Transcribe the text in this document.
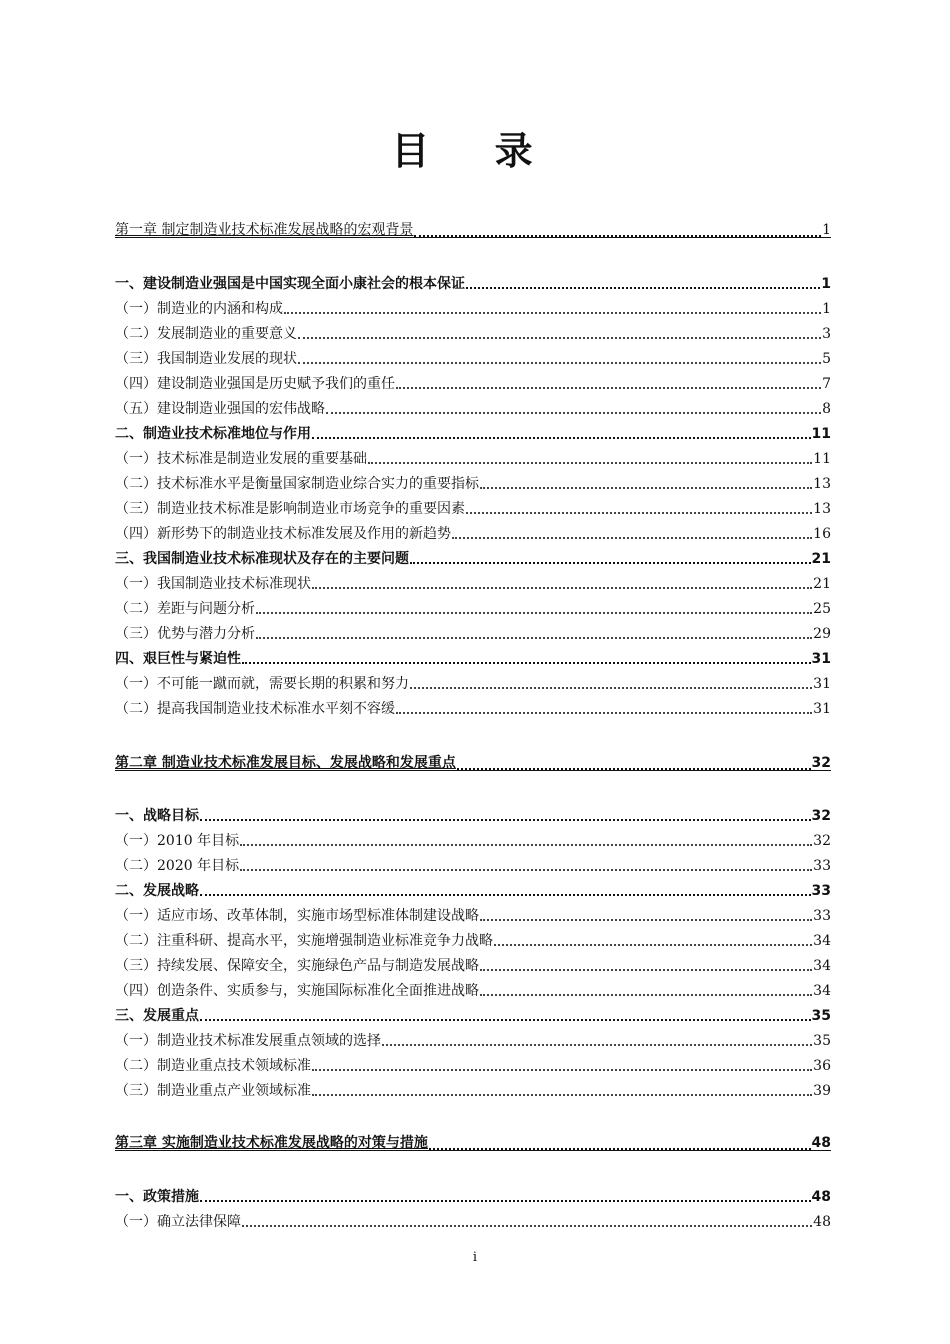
目 录
第一章 制定制造业技术标准发展战略的宏观背景	1
一、建设制造业强国是中国实现全面小康社会的根本保证	1
（一）制造业的内涵和构成	1
（二）发展制造业的重要意义	3
（三）我国制造业发展的现状	5
（四）建设制造业强国是历史赋予我们的重任	7
（五）建设制造业强国的宏伟战略	8
二、制造业技术标准地位与作用	11
（一）技术标准是制造业发展的重要基础	11
（二）技术标准水平是衡量国家制造业综合实力的重要指标	13
（三）制造业技术标准是影响制造业市场竞争的重要因素	13
（四）新形势下的制造业技术标准发展及作用的新趋势	16
三、我国制造业技术标准现状及存在的主要问题	21
（一）我国制造业技术标准现状	21
（二）差距与问题分析	25
（三）优势与潜力分析	29
四、艰巨性与紧迫性	31
（一）不可能一蹴而就，需要长期的积累和努力	31
（二）提高我国制造业技术标准水平刻不容缓	31
第二章 制造业技术标准发展目标、发展战略和发展重点	32
一、战略目标	32
（一）2010 年目标	32
（二）2020 年目标	33
二、发展战略	33
（一）适应市场、改革体制，实施市场型标准体制建设战略	33
（二）注重科研、提高水平，实施增强制造业标准竞争力战略	34
（三）持续发展、保障安全，实施绿色产品与制造发展战略	34
（四）创造条件、实质参与，实施国际标准化全面推进战略	34
三、发展重点	35
（一）制造业技术标准发展重点领域的选择	35
（二）制造业重点技术领域标准	36
（三）制造业重点产业领域标准	39
第三章 实施制造业技术标准发展战略的对策与措施	48
一、政策措施	48
（一）确立法律保障	48
i
